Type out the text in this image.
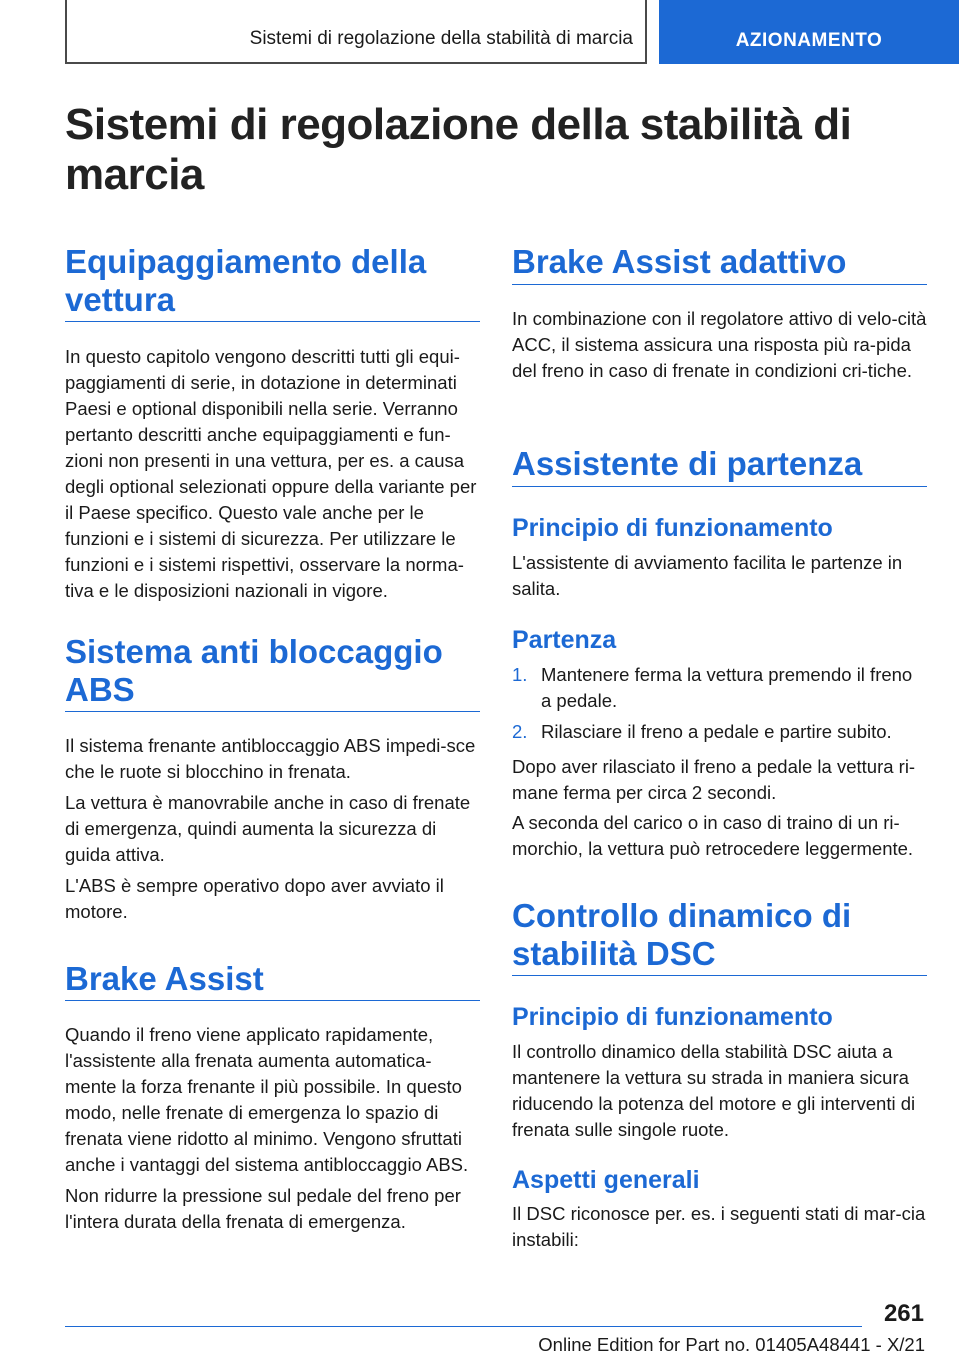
Sistemi di regolazione della stabilità di marcia	AZIONAMENTO
Sistemi di regolazione della stabilità di marcia
Equipaggiamento della vettura

In questo capitolo vengono descritti tutti gli equi-paggiamenti di serie, in dotazione in determinati Paesi e optional disponibili nella serie. Verranno pertanto descritti anche equipaggiamenti e fun-zioni non presenti in una vettura, per es. a causa degli optional selezionati oppure della variante per il Paese specifico. Questo vale anche per le funzioni e i sistemi di sicurezza. Per utilizzare le funzioni e i sistemi rispettivi, osservare la norma-tiva e le disposizioni nazionali in vigore.

Sistema anti bloccaggio ABS

Il sistema frenante antibloccaggio ABS impedi-sce che le ruote si blocchino in frenata.

La vettura è manovrabile anche in caso di frenate di emergenza, quindi aumenta la sicurezza di guida attiva.

L'ABS è sempre operativo dopo aver avviato il motore.

Brake Assist

Quando il freno viene applicato rapidamente, l'assistente alla frenata aumenta automatica-mente la forza frenante il più possibile. In questo modo, nelle frenate di emergenza lo spazio di frenata viene ridotto al minimo. Vengono sfruttati anche i vantaggi del sistema antibloccaggio ABS.

Non ridurre la pressione sul pedale del freno per l'intera durata della frenata di emergenza.

Brake Assist adattivo

In combinazione con il regolatore attivo di velo-cità ACC, il sistema assicura una risposta più ra-pida del freno in caso di frenate in condizioni cri-tiche.

Assistente di partenza
Principio di funzionamento

L'assistente di avviamento facilita le partenze in salita.

Partenza
1. Mantenere ferma la vettura premendo il freno a pedale.
2. Rilasciare il freno a pedale e partire subito.

Dopo aver rilasciato il freno a pedale la vettura ri-mane ferma per circa 2 secondi.

A seconda del carico o in caso di traino di un ri-morchio, la vettura può retrocedere leggermente.

Controllo dinamico di stabilità DSC
Principio di funzionamento

Il controllo dinamico della stabilità DSC aiuta a mantenere la vettura su strada in maniera sicura riducendo la potenza del motore e gli interventi di frenata sulle singole ruote.

Aspetti generali

Il DSC riconosce per. es. i seguenti stati di mar-cia instabili:

261
Online Edition for Part no. 01405A48441 - X/21
